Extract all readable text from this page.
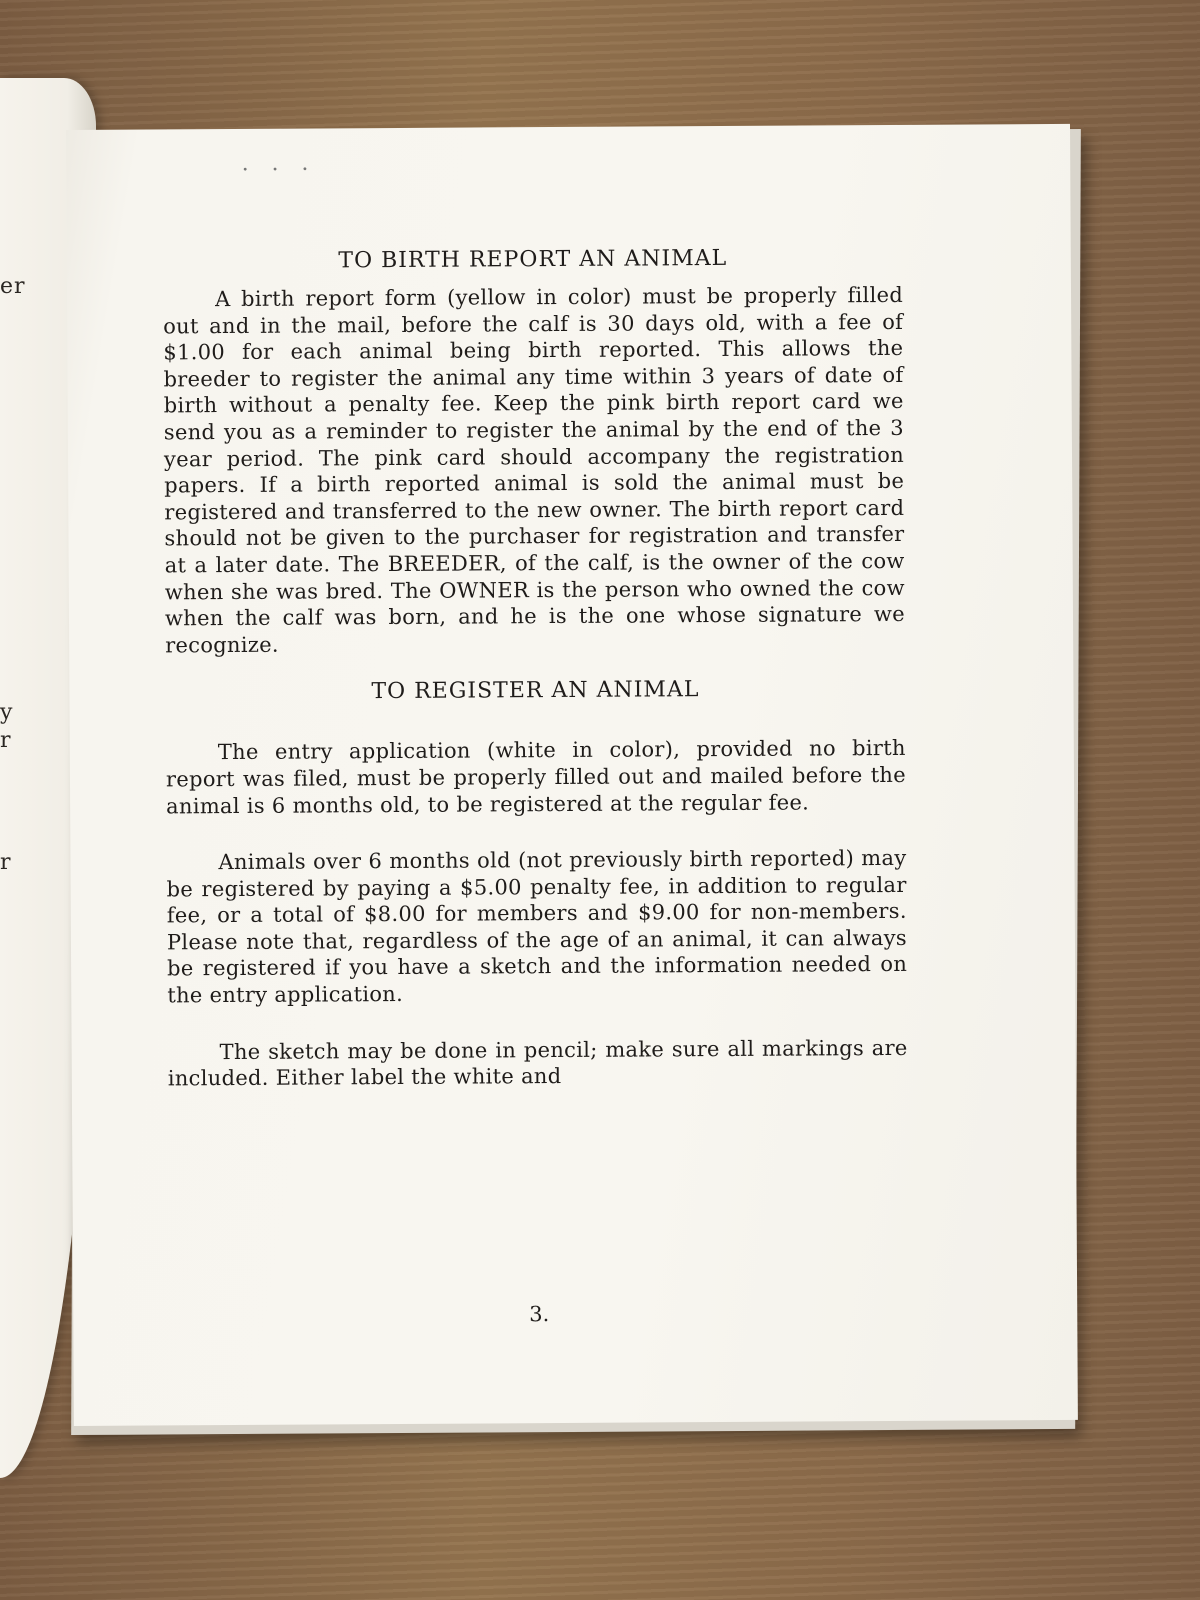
er
y
r
r
•••
TO BIRTH REPORT AN ANIMAL

A birth report form (yellow in color) must be properly filled out and in the mail, before the calf is 30 days old, with a fee of $1.00 for each animal being birth reported. This allows the breeder to register the animal any time within 3 years of date of birth without a penalty fee. Keep the pink birth report card we send you as a reminder to register the animal by the end of the 3 year period. The pink card should accompany the registration papers. If a birth reported animal is sold the animal must be registered and transferred to the new owner. The birth report card should not be given to the purchaser for registration and transfer at a later date. The BREEDER, of the calf, is the owner of the cow when she was bred. The OWNER is the person who owned the cow when the calf was born, and he is the one whose signature we recognize.

TO REGISTER AN ANIMAL

The entry application (white in color), provided no birth report was filed, must be properly filled out and mailed before the animal is 6 months old, to be registered at the regular fee.

Animals over 6 months old (not previously birth reported) may be registered by paying a $5.00 penalty fee, in addition to regular fee, or a total of $8.00 for members and $9.00 for non-members. Please note that, regardless of the age of an animal, it can always be registered if you have a sketch and the information needed on the entry application.

The sketch may be done in pencil; make sure all markings are included. Either label the white and

3.
